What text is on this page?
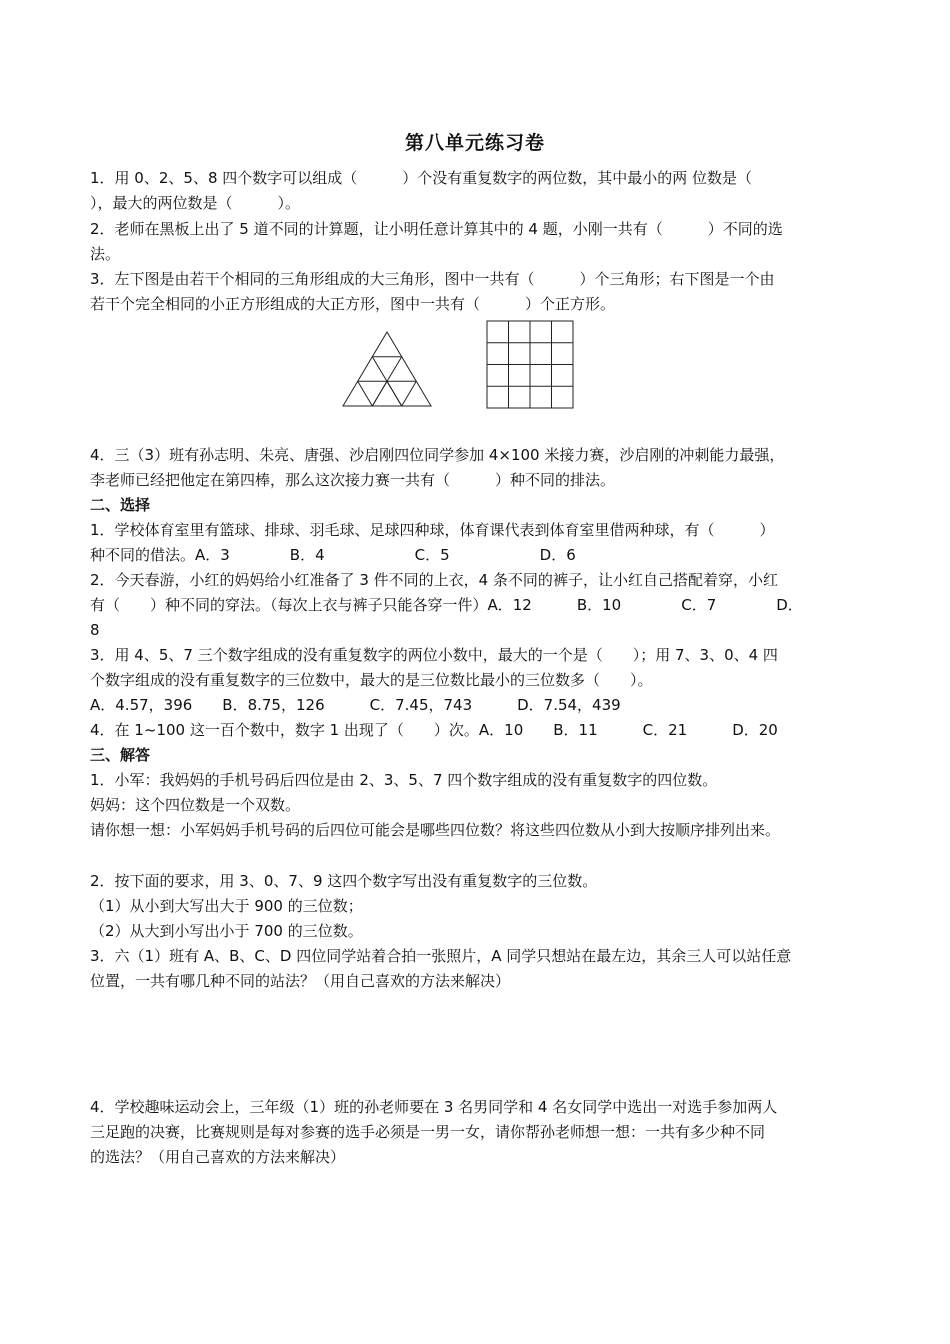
第八单元练习卷
1．用 0、2、5、8 四个数字可以组成（　　　）个没有重复数字的两位数，其中最小的两 位数是（
），最大的两位数是（　　　）。
2．老师在黑板上出了 5 道不同的计算题，让小明任意计算其中的 4 题，小刚一共有（　　　）不同的选
法。
3．左下图是由若干个相同的三角形组成的大三角形，图中一共有（　　　）个三角形；右下图是一个由
若干个完全相同的小正方形组成的大正方形，图中一共有（　　　）个正方形。
4．三（3）班有孙志明、朱亮、唐强、沙启刚四位同学参加 4×100 米接力赛，沙启刚的冲刺能力最强，
李老师已经把他定在第四棒，那么这次接力赛一共有（　　　）种不同的排法。
二、选择
1．学校体育室里有篮球、排球、羽毛球、足球四种球，体育课代表到体育室里借两种球，有（　　　）
种不同的借法。A．3　　　　B．4　　　　　　C．5　　　　　　D．6
2．今天春游，小红的妈妈给小红准备了 3 件不同的上衣，4 条不同的裤子，让小红自己搭配着穿，小红
有（　　）种不同的穿法。（每次上衣与裤子只能各穿一件）A．12　　　B．10　　　　C．7　　　　D．
8
3．用 4、5、7 三个数字组成的没有重复数字的两位小数中，最大的一个是（　　）；用 7、3、0、4 四
个数字组成的没有重复数字的三位数中，最大的是三位数比最小的三位数多（　　）。
A．4.57，396　　B．8.75，126　　　C．7.45，743　　　D．7.54，439
4．在 1~100 这一百个数中，数字 1 出现了（　　）次。A．10　　B．11　　　C．21　　　D．20
三、解答
1．小军：我妈妈的手机号码后四位是由 2、3、5、7 四个数字组成的没有重复数字的四位数。
妈妈：这个四位数是一个双数。
请你想一想：小军妈妈手机号码的后四位可能会是哪些四位数？将这些四位数从小到大按顺序排列出来。
2．按下面的要求，用 3、0、7、9 这四个数字写出没有重复数字的三位数。
（1）从小到大写出大于 900 的三位数；
（2）从大到小写出小于 700 的三位数。
3．六（1）班有 A、B、C、D 四位同学站着合拍一张照片，A 同学只想站在最左边，其余三人可以站任意
位置，一共有哪几种不同的站法？（用自己喜欢的方法来解决）
4．学校趣味运动会上，三年级（1）班的孙老师要在 3 名男同学和 4 名女同学中选出一对选手参加两人
三足跑的决赛，比赛规则是每对参赛的选手必须是一男一女，请你帮孙老师想一想：一共有多少种不同
的选法？（用自己喜欢的方法来解决）
